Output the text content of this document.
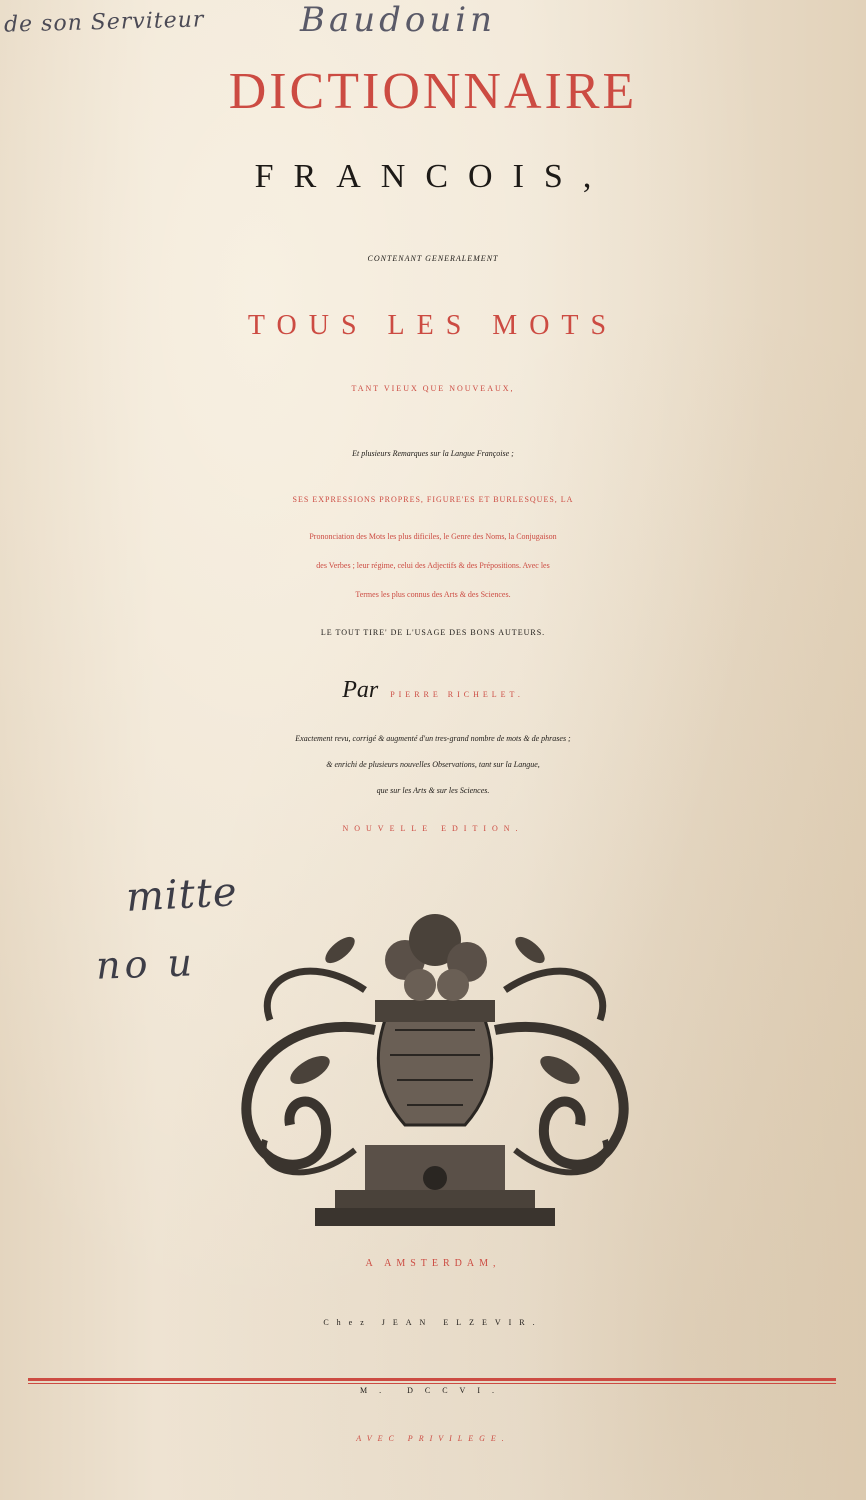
de son Serviteur	Baudouin
DICTIONNAIRE
FRANCOIS,
CONTENANT GENERALEMENT
TOUS LES MOTS
TANT VIEUX QUE NOUVEAUX,
Et plusieurs Remarques sur la Langue Françoise ;
SES EXPRESSIONS PROPRES, FIGURE'ES ET BURLESQUES, LA
Prononciation des Mots les plus dificiles, le Genre des Noms, la Conjugaison
des Verbes ; leur régime, celui des Adjectifs & des Prépositions. Avec les
Termes les plus connus des Arts & des Sciences.
LE TOUT TIRE' DE L'USAGE DES BONS AUTEURS.
Par PIERRE RICHELET.
Exactement revu, corrigé & augmenté d'un tres-grand nombre de mots & de phrases ;
& enrichi de plusieurs nouvelles Observations, tant sur la Langue,
que sur les Arts & sur les Sciences.
NOUVELLE EDITION.
mitte
no u
A AMSTERDAM,
Chez JEAN ELZEVIR.
M. DCCVI.
AVEC PRIVILEGE.
